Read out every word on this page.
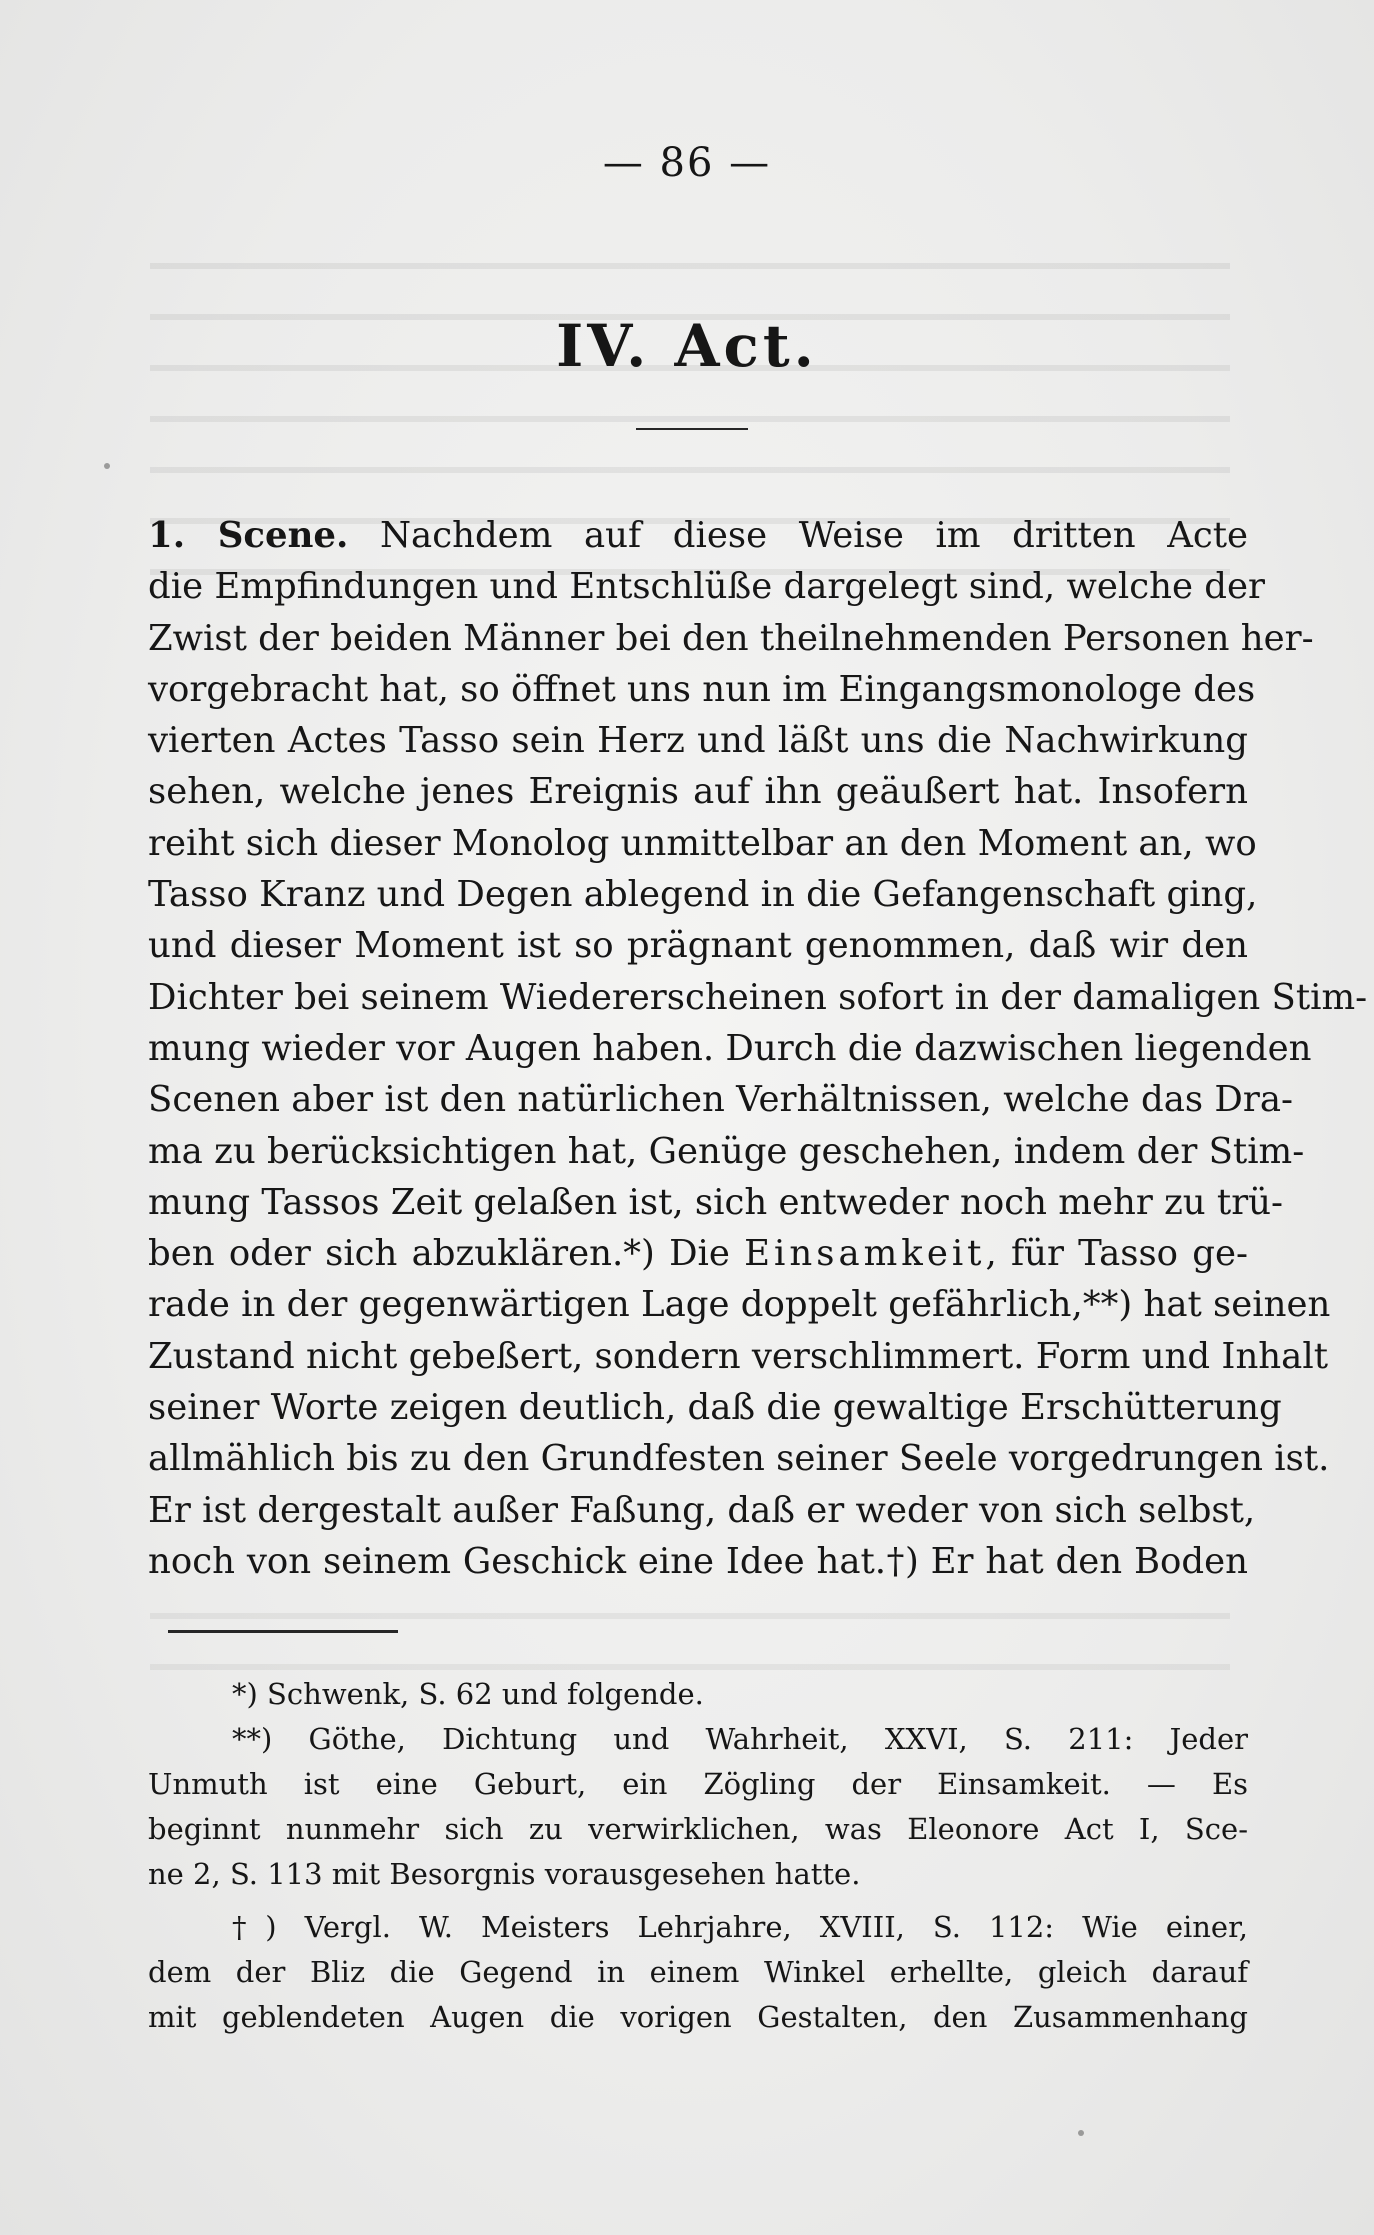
— 86 —
IV. Act.
1. Scene. Nachdem auf diese Weise im dritten Acte
die Empfindungen und Entschlüße dargelegt sind, welche der
Zwist der beiden Männer bei den theilnehmenden Personen her-
vorgebracht hat, so öffnet uns nun im Eingangsmonologe des
vierten Actes Tasso sein Herz und läßt uns die Nachwirkung
sehen, welche jenes Ereignis auf ihn geäußert hat. Insofern
reiht sich dieser Monolog unmittelbar an den Moment an, wo
Tasso Kranz und Degen ablegend in die Gefangenschaft ging,
und dieser Moment ist so prägnant genommen, daß wir den
Dichter bei seinem Wiedererscheinen sofort in der damaligen Stim-
mung wieder vor Augen haben. Durch die dazwischen liegenden
Scenen aber ist den natürlichen Verhältnissen, welche das Dra-
ma zu berücksichtigen hat, Genüge geschehen, indem der Stim-
mung Tassos Zeit gelaßen ist, sich entweder noch mehr zu trü-
ben oder sich abzuklären.*) Die Einsamkeit, für Tasso ge-
rade in der gegenwärtigen Lage doppelt gefährlich,**) hat seinen
Zustand nicht gebeßert, sondern verschlimmert. Form und Inhalt
seiner Worte zeigen deutlich, daß die gewaltige Erschütterung
allmählich bis zu den Grundfesten seiner Seele vorgedrungen ist.
Er ist dergestalt außer Faßung, daß er weder von sich selbst,
noch von seinem Geschick eine Idee hat.†) Er hat den Boden
*) Schwenk, S. 62 und folgende.
**) Göthe, Dichtung und Wahrheit, XXVI, S. 211: Jeder
Unmuth ist eine Geburt, ein Zögling der Einsamkeit. — Es
beginnt nunmehr sich zu verwirklichen, was Eleonore Act I, Sce-
ne 2, S. 113 mit Besorgnis vorausgesehen hatte.
†) Vergl. W. Meisters Lehrjahre, XVIII, S. 112: Wie einer,
dem der Bliz die Gegend in einem Winkel erhellte, gleich darauf
mit geblendeten Augen die vorigen Gestalten, den Zusammenhang
